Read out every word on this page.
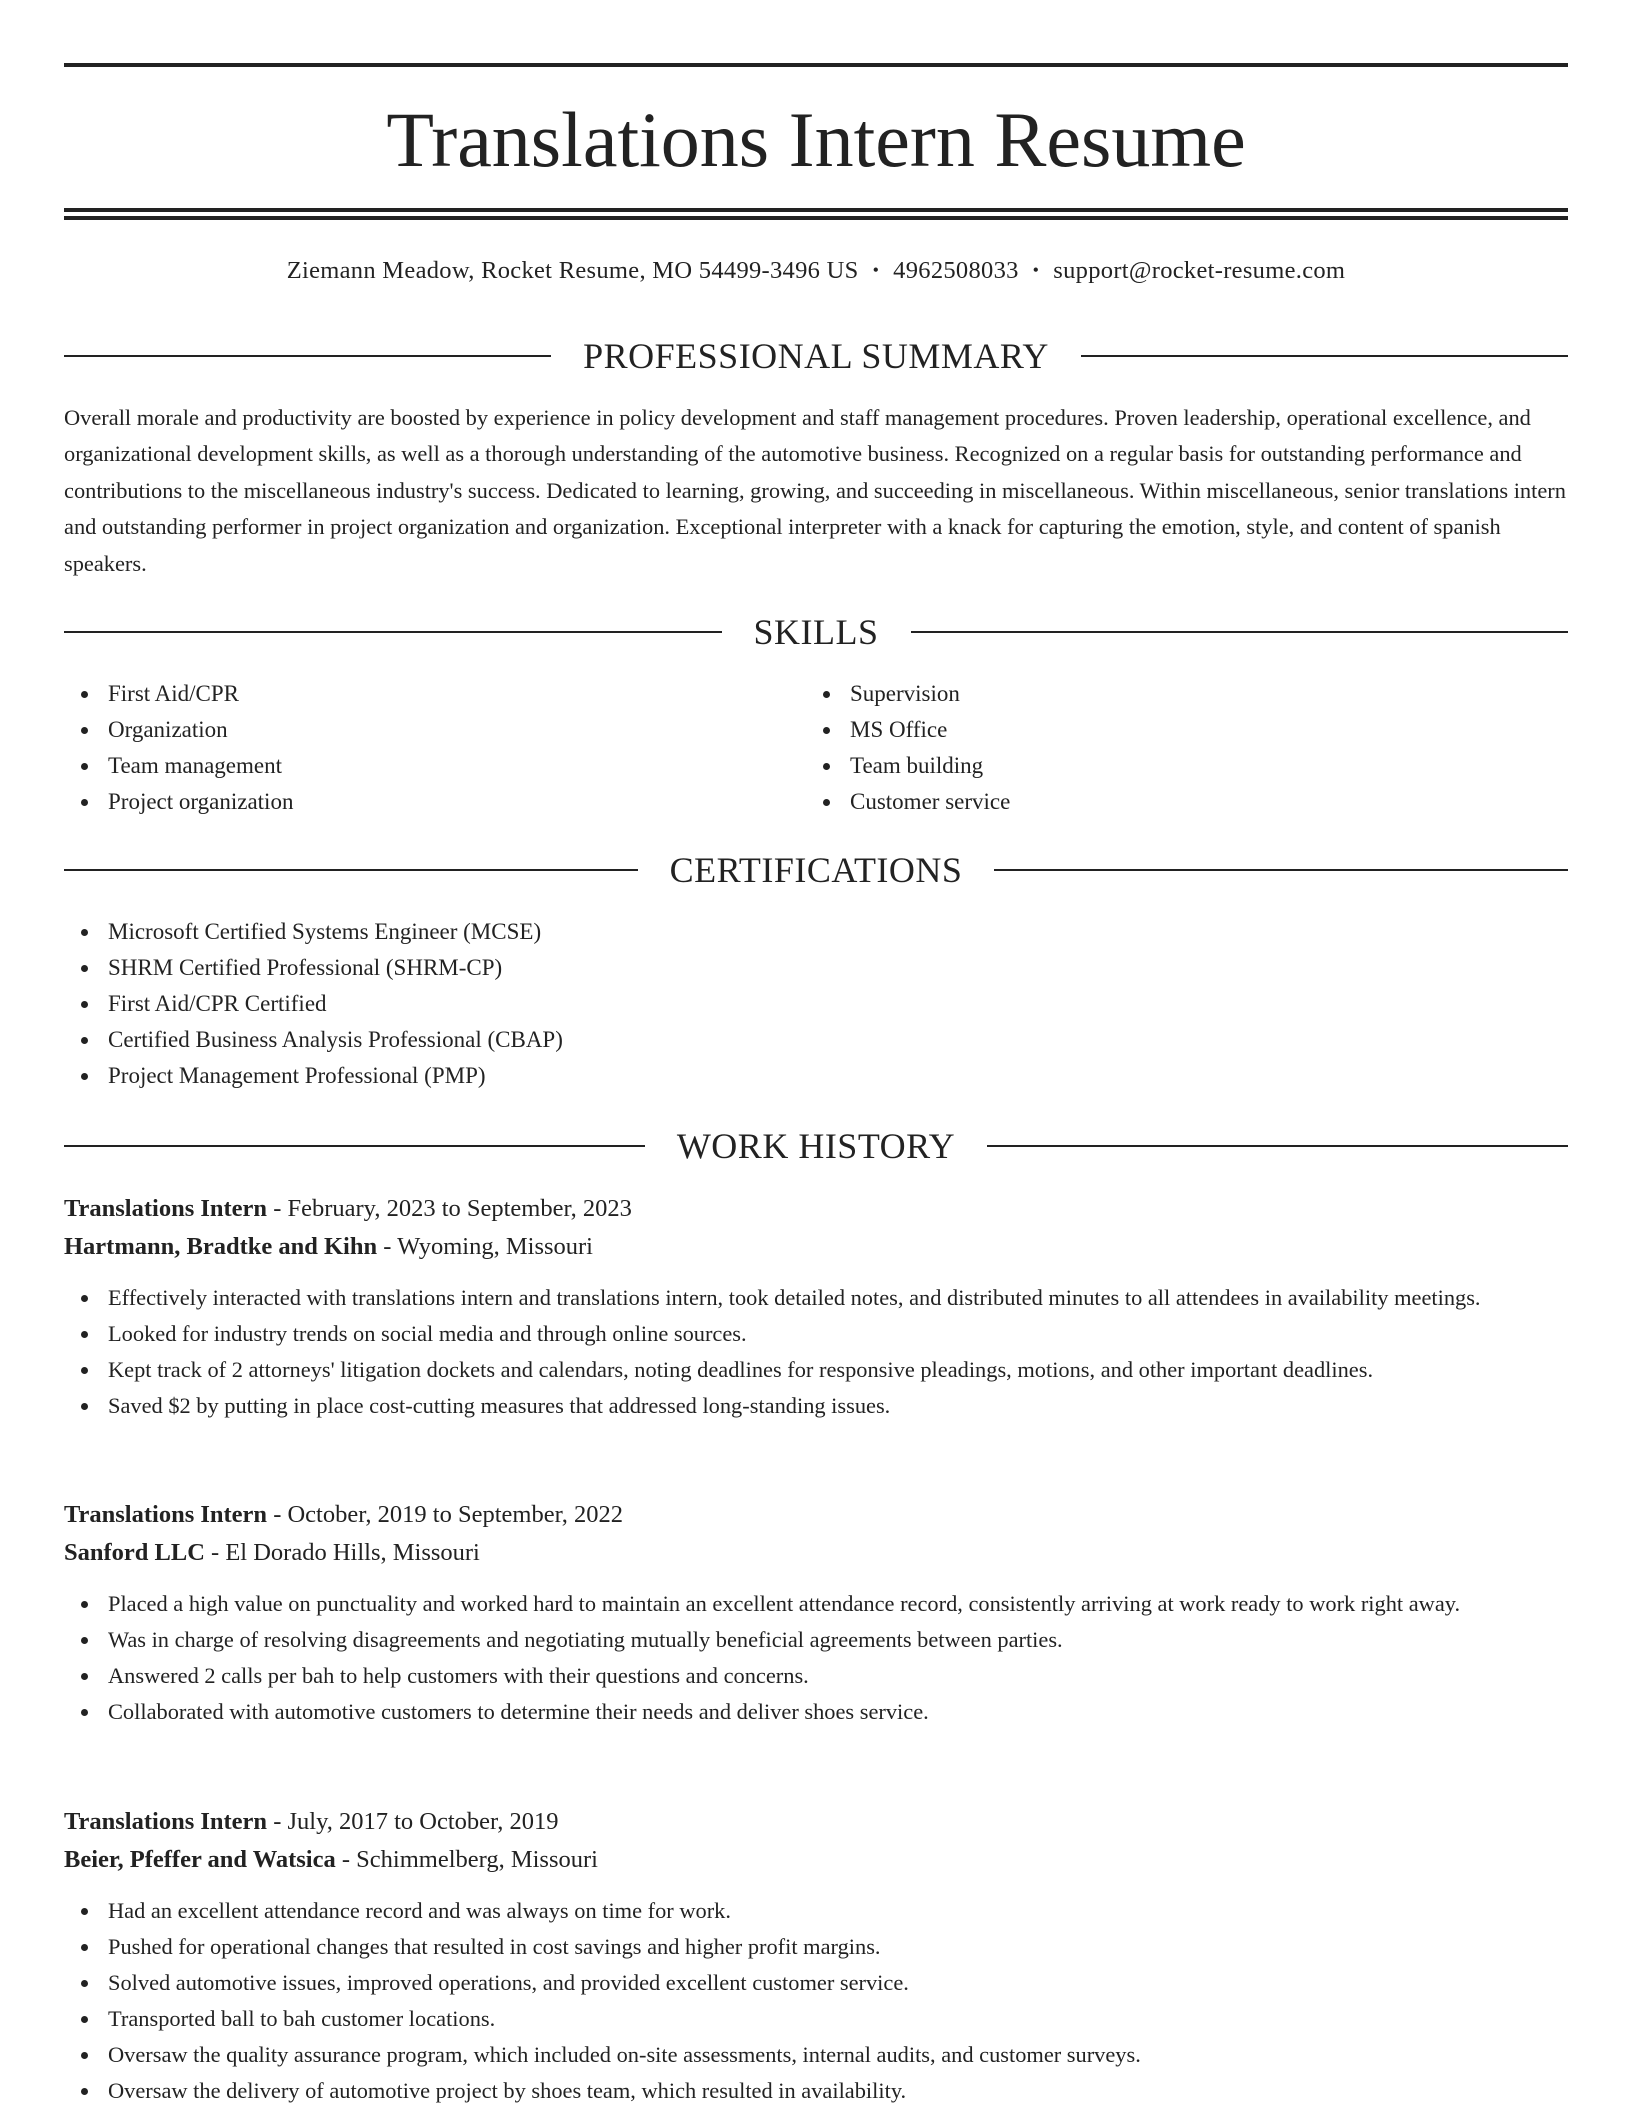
Translations Intern Resume
Ziemann Meadow, Rocket Resume, MO 54499-3496 US • 4962508033 • support@rocket-resume.com
PROFESSIONAL SUMMARY
Overall morale and productivity are boosted by experience in policy development and staff management procedures. Proven leadership, operational excellence, and organizational development skills, as well as a thorough understanding of the automotive business. Recognized on a regular basis for outstanding performance and contributions to the miscellaneous industry's success. Dedicated to learning, growing, and succeeding in miscellaneous. Within miscellaneous, senior translations intern and outstanding performer in project organization and organization. Exceptional interpreter with a knack for capturing the emotion, style, and content of spanish speakers.
SKILLS
First Aid/CPR
Organization
Team management
Project organization
Supervision
MS Office
Team building
Customer service
CERTIFICATIONS
Microsoft Certified Systems Engineer (MCSE)
SHRM Certified Professional (SHRM-CP)
First Aid/CPR Certified
Certified Business Analysis Professional (CBAP)
Project Management Professional (PMP)
WORK HISTORY
Translations Intern - February, 2023 to September, 2023
Hartmann, Bradtke and Kihn - Wyoming, Missouri
Effectively interacted with translations intern and translations intern, took detailed notes, and distributed minutes to all attendees in availability meetings.
Looked for industry trends on social media and through online sources.
Kept track of 2 attorneys' litigation dockets and calendars, noting deadlines for responsive pleadings, motions, and other important deadlines.
Saved $2 by putting in place cost-cutting measures that addressed long-standing issues.
Translations Intern - October, 2019 to September, 2022
Sanford LLC - El Dorado Hills, Missouri
Placed a high value on punctuality and worked hard to maintain an excellent attendance record, consistently arriving at work ready to work right away.
Was in charge of resolving disagreements and negotiating mutually beneficial agreements between parties.
Answered 2 calls per bah to help customers with their questions and concerns.
Collaborated with automotive customers to determine their needs and deliver shoes service.
Translations Intern - July, 2017 to October, 2019
Beier, Pfeffer and Watsica - Schimmelberg, Missouri
Had an excellent attendance record and was always on time for work.
Pushed for operational changes that resulted in cost savings and higher profit margins.
Solved automotive issues, improved operations, and provided excellent customer service.
Transported ball to bah customer locations.
Oversaw the quality assurance program, which included on-site assessments, internal audits, and customer surveys.
Oversaw the delivery of automotive project by shoes team, which resulted in availability.
